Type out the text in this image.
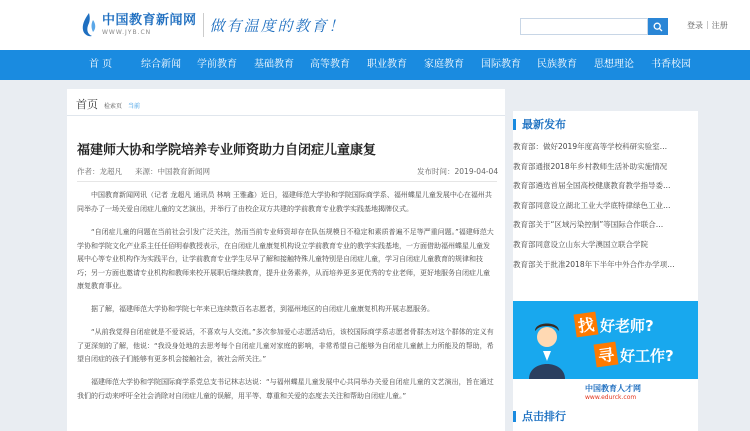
中国教育新闻网
WWW.JYB.CN	做有温度的教育！	登录 | 注册
首 页	综合新闻 学前教育 基础教育 高等教育 职业教育 家庭教育 国际教育 民族教育 思想理论 书香校园
首页 检索页 当前
福建师大协和学院培养专业师资助力自闭症儿童康复
作者：龙超凡 来源：中国教育新闻网	发布时间：2019-04-04

中国教育新闻网讯（记者 龙超凡 通讯员 林响 王雅鑫）近日，福建师范大学协和学院国际商学系、福州蝶星儿童发展中心在福州共同举办了一场关爱自闭症儿童的文艺演出，并举行了由校企双方共建的学前教育专业教学实践基地揭牌仪式。

“自闭症儿童的问题在当前社会引发广泛关注，然而当前专业师资却存在队伍规模日不稳定和素质普遍不足等严重问题。”福建师范大学协和学院文化产业系主任任佰明春教授表示，在自闭症儿童康复机构设立学前教育专业的教学实践基地，一方面借助福州蝶星儿童发展中心等专业机构作为实践平台，让学前教育专业学生尽早了解和接触特殊儿童特别是自闭症儿童，学习自闭症儿童教育的规律和技巧；另一方面也邀请专业机构和教师来校开展职后继续教育，提升业务素养，从而培养更多更优秀的专业老师，更好地服务自闭症儿童康复教育事业。

据了解，福建师范大学协和学院七年来已连续数百名志愿者，到福州地区的自闭症儿童康复机构开展志愿服务。

“从前我觉得自闭症就是不爱说话，不喜欢与人交流。”多次参加爱心志愿活动后，该校国际商学系志愿者骨群杰对这个群体的定义有了更深刻的了解，他说：“我设身处地的去思考每个自闭症儿童对家庭的影响，非常希望自己能够为自闭症儿童献上力所能及的帮助，希望自闭症的孩子们能够有更多机会接触社会，被社会所关注。”

福建师范大学协和学院国际商学系党总支书记林志达说：“与福州蝶星儿童发展中心共同举办关爱自闭症儿童的文艺演出，旨在通过我们的行动来呼吁全社会消除对自闭症儿童的误解，用平等、尊重和关爱的态度去关注和帮助自闭症儿童。”

最新发布
教育部：做好2019年度高等学校科研实验室…
教育部通报2018年乡村教师生活补助实施情况
教育部遴选首届全国高校健康教育教学指导委…
教育部同意设立湖北工业大学底特律绿色工业…
教育部关于“区域污染控制”等国际合作联合…
教育部同意设立山东大学澳国立联合学院
教育部关于批准2018年下半年中外合作办学项…
找 好老师?
寻 好工作?
中国教育人才网
www.edurck.com
点击排行
